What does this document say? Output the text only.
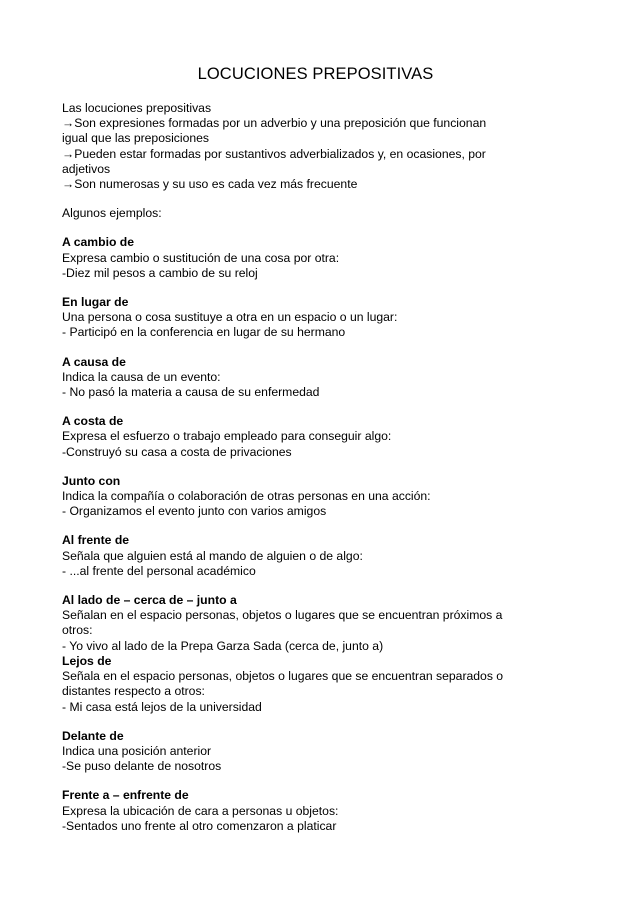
LOCUCIONES PREPOSITIVAS
Las locuciones prepositivas
→Son expresiones formadas por un adverbio y una preposición que funcionan
igual que las preposiciones
→Pueden estar formadas por sustantivos adverbializados y, en ocasiones, por
adjetivos
→Son numerosas y su uso es cada vez más frecuente
Algunos ejemplos:
A cambio de
Expresa cambio o sustitución de una cosa por otra:
-Diez mil pesos a cambio de su reloj
En lugar de
Una persona o cosa sustituye a otra en un espacio o un lugar:
- Participó en la conferencia en lugar de su hermano
A causa de
Indica la causa de un evento:
- No pasó la materia a causa de su enfermedad
A costa de
Expresa el esfuerzo o trabajo empleado para conseguir algo:
-Construyó su casa a costa de privaciones
Junto con
Indica la compañía o colaboración de otras personas en una acción:
- Organizamos el evento junto con varios amigos
Al frente de
Señala que alguien está al mando de alguien o de algo:
- ...al frente del personal académico
Al lado de – cerca de – junto a
Señalan en el espacio personas, objetos o lugares que se encuentran próximos a
otros:
- Yo vivo al lado de la Prepa Garza Sada (cerca de, junto a)
Lejos de
Señala en el espacio personas, objetos o lugares que se encuentran separados o
distantes respecto a otros:
- Mi casa está lejos de la universidad
Delante de
Indica una posición anterior
-Se puso delante de nosotros
Frente a – enfrente de
Expresa la ubicación de cara a personas u objetos:
-Sentados uno frente al otro comenzaron a platicar
